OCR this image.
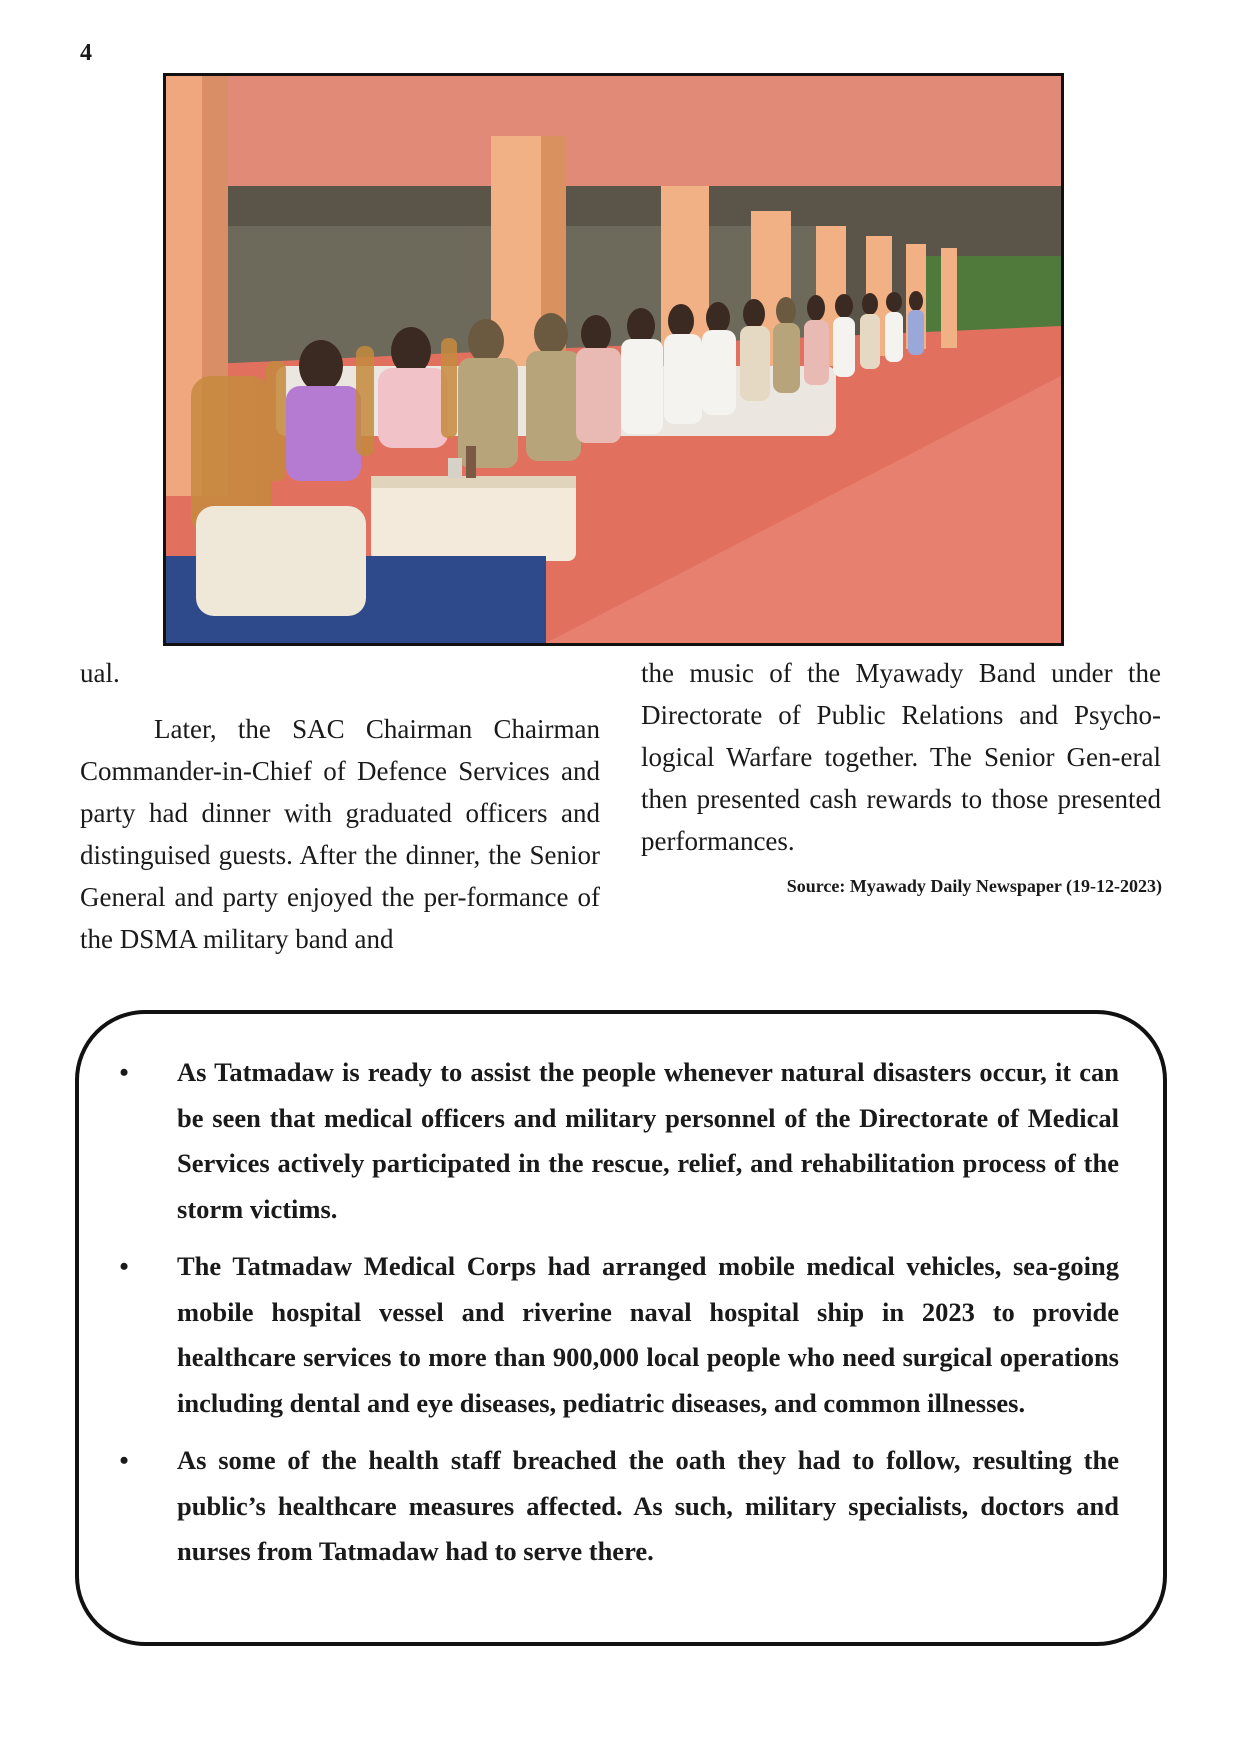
4

ual.

Later, the SAC Chairman Chairman Commander-in-Chief of Defence Services and party had dinner with graduated officers and distinguised guests. After the dinner, the Senior General and party enjoyed the per-formance of the DSMA military band and

the music of the Myawady Band under the Directorate of Public Relations and Psycho-logical Warfare together. The Senior Gen-eral then presented cash rewards to those presented performances.

Source: Myawady Daily Newspaper (19-12-2023)
•	As Tatmadaw is ready to assist the people whenever natural disasters occur, it can be seen that medical officers and military personnel of the Directorate of Medical Services actively participated in the rescue, relief, and rehabilitation process of the storm victims.
•	The Tatmadaw Medical Corps had arranged mobile medical vehicles, sea-going mobile hospital vessel and riverine naval hospital ship in 2023 to provide healthcare services to more than 900,000 local people who need surgical operations including dental and eye diseases, pediatric diseases, and common illnesses.
•	As some of the health staff breached the oath they had to follow, resulting the public’s healthcare measures affected. As such, military specialists, doctors and nurses from Tatmadaw had to serve there.
